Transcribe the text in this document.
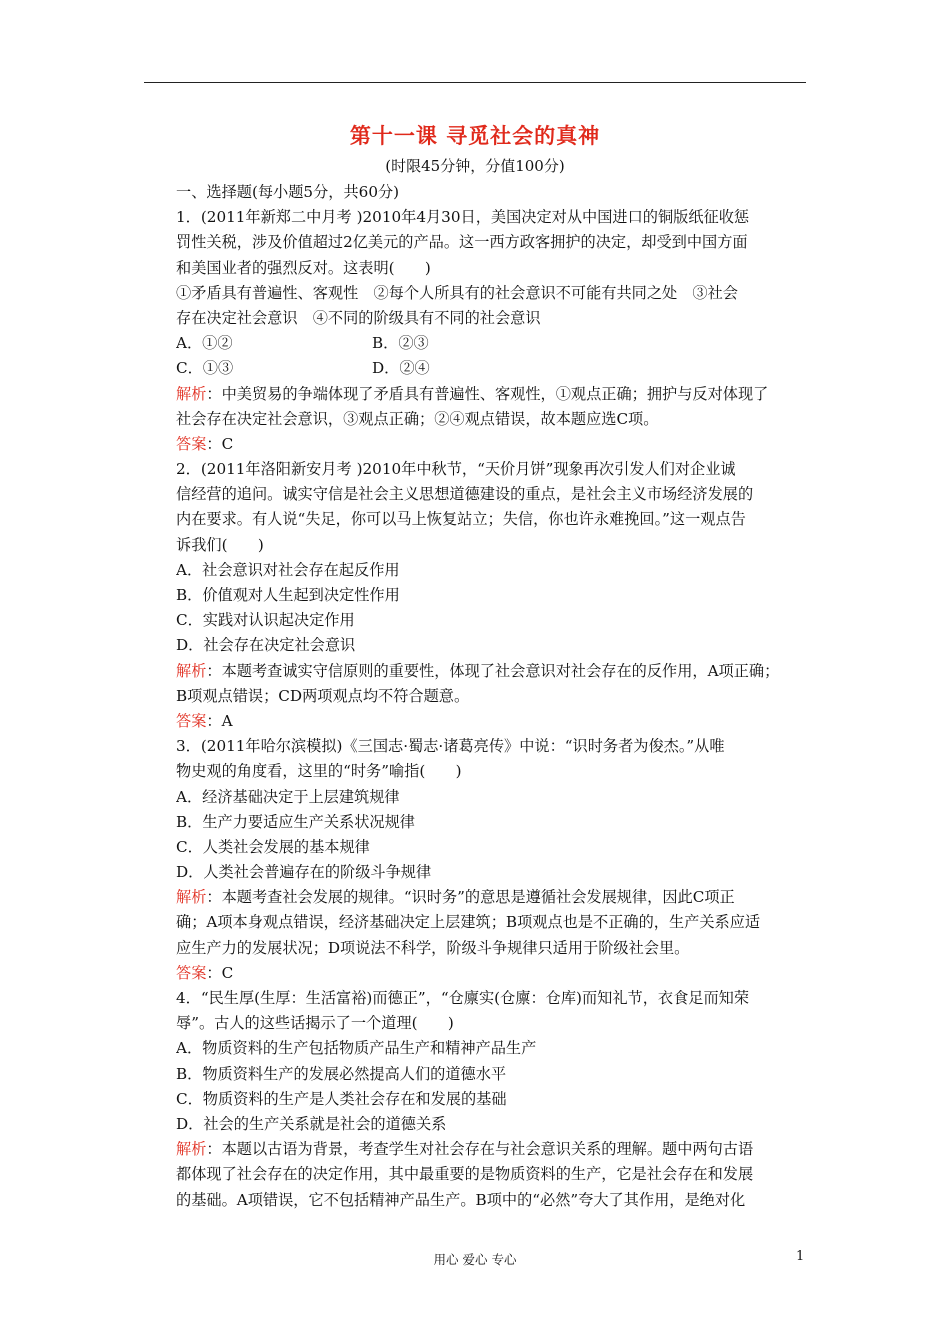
第十一课 寻觅社会的真神
(时限45分钟，分值100分)
一、选择题(每小题5分，共60分)
1．(2011年新郑二中月考 )2010年4月30日，美国决定对从中国进口的铜版纸征收惩
罚性关税，涉及价值超过2亿美元的产品。这一西方政客拥护的决定，却受到中国方面
和美国业者的强烈反对。这表明(　　)
①矛盾具有普遍性、客观性　②每个人所具有的社会意识不可能有共同之处　③社会
存在决定社会意识　④不同的阶级具有不同的社会意识
A．①②	B．②③
C．①③	D．②④
解析：中美贸易的争端体现了矛盾具有普遍性、客观性，①观点正确；拥护与反对体现了
社会存在决定社会意识，③观点正确；②④观点错误，故本题应选C项。
答案：C
2．(2011年洛阳新安月考 )2010年中秋节，“天价月饼”现象再次引发人们对企业诚
信经营的追问。诚实守信是社会主义思想道德建设的重点，是社会主义市场经济发展的
内在要求。有人说“失足，你可以马上恢复站立；失信，你也许永难挽回。”这一观点告
诉我们(　　)
A．社会意识对社会存在起反作用
B．价值观对人生起到决定性作用
C．实践对认识起决定作用
D．社会存在决定社会意识
解析：本题考查诚实守信原则的重要性，体现了社会意识对社会存在的反作用，A项正确；
B项观点错误；CD两项观点均不符合题意。
答案：A
3．(2011年哈尔滨模拟)《三国志·蜀志·诸葛亮传》中说：“识时务者为俊杰。”从唯
物史观的角度看，这里的“时务”喻指(　　)
A．经济基础决定于上层建筑规律
B．生产力要适应生产关系状况规律
C．人类社会发展的基本规律
D．人类社会普遍存在的阶级斗争规律
解析：本题考查社会发展的规律。“识时务”的意思是遵循社会发展规律，因此C项正
确；A项本身观点错误，经济基础决定上层建筑；B项观点也是不正确的，生产关系应适
应生产力的发展状况；D项说法不科学，阶级斗争规律只适用于阶级社会里。
答案：C
4．“民生厚(生厚：生活富裕)而德正”，“仓廪实(仓廪：仓库)而知礼节，衣食足而知荣
辱”。古人的这些话揭示了一个道理(　　)
A．物质资料的生产包括物质产品生产和精神产品生产
B．物质资料生产的发展必然提高人们的道德水平
C．物质资料的生产是人类社会存在和发展的基础
D．社会的生产关系就是社会的道德关系
解析：本题以古语为背景，考查学生对社会存在与社会意识关系的理解。题中两句古语
都体现了社会存在的决定作用，其中最重要的是物质资料的生产，它是社会存在和发展
的基础。A项错误，它不包括精神产品生产。B项中的“必然”夸大了其作用，是绝对化
用心 爱心 专心	1
